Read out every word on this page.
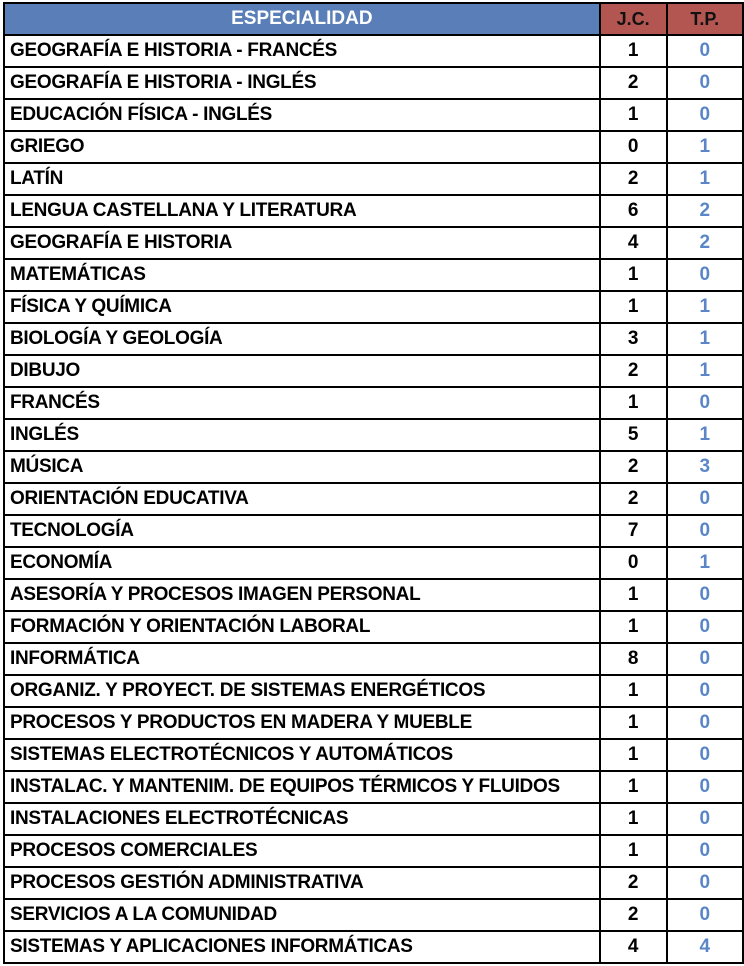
ESPECIALIDAD	J.C.	T.P.
GEOGRAFÍA E HISTORIA - FRANCÉS	1	0
GEOGRAFÍA E HISTORIA - INGLÉS	2	0
EDUCACIÓN FÍSICA - INGLÉS	1	0
GRIEGO	0	1
LATÍN	2	1
LENGUA CASTELLANA Y LITERATURA	6	2
GEOGRAFÍA E HISTORIA	4	2
MATEMÁTICAS	1	0
FÍSICA Y QUÍMICA	1	1
BIOLOGÍA Y GEOLOGÍA	3	1
DIBUJO	2	1
FRANCÉS	1	0
INGLÉS	5	1
MÚSICA	2	3
ORIENTACIÓN EDUCATIVA	2	0
TECNOLOGÍA	7	0
ECONOMÍA	0	1
ASESORÍA Y PROCESOS IMAGEN PERSONAL	1	0
FORMACIÓN Y ORIENTACIÓN LABORAL	1	0
INFORMÁTICA	8	0
ORGANIZ. Y PROYECT. DE SISTEMAS ENERGÉTICOS	1	0
PROCESOS Y PRODUCTOS EN MADERA Y MUEBLE	1	0
SISTEMAS ELECTROTÉCNICOS Y AUTOMÁTICOS	1	0
INSTALAC. Y MANTENIM. DE EQUIPOS TÉRMICOS Y FLUIDOS	1	0
INSTALACIONES ELECTROTÉCNICAS	1	0
PROCESOS COMERCIALES	1	0
PROCESOS GESTIÓN ADMINISTRATIVA	2	0
SERVICIOS A LA COMUNIDAD	2	0
SISTEMAS Y APLICACIONES INFORMÁTICAS	4	4
